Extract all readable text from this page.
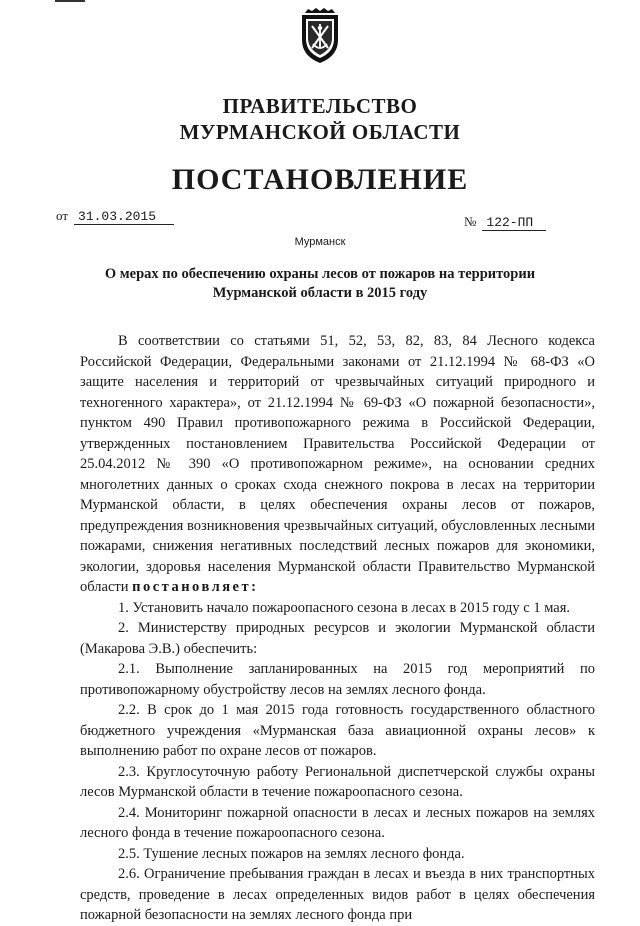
ПРАВИТЕЛЬСТВО
МУРМАНСКОЙ ОБЛАСТИ
ПОСТАНОВЛЕНИЕ
от 31.03.2015	№ 122-ПП
Мурманск
О мерах по обеспечению охраны лесов от пожаров на территории
Мурманской области в 2015 году

В соответствии со статьями 51, 52, 53, 82, 83, 84 Лесного кодекса Российской Федерации, Федеральными законами от 21.12.1994 № 68-ФЗ «О защите населения и территорий от чрезвычайных ситуаций природного и техногенного характера», от 21.12.1994 № 69-ФЗ «О пожарной безопасности», пунктом 490 Правил противопожарного режима в Российской Федерации, утвержденных постановлением Правительства Российской Федерации от 25.04.2012 № 390 «О противопожарном режиме», на основании средних многолетних данных о сроках схода снежного покрова в лесах на территории Мурманской области, в целях обеспечения охраны лесов от пожаров, предупреждения возникновения чрезвычайных ситуаций, обусловленных лесными пожарами, снижения негативных последствий лесных пожаров для экономики, экологии, здоровья населения Мурманской области Правительство Мурманской области постановляет:

1. Установить начало пожароопасного сезона в лесах в 2015 году с 1 мая.

2. Министерству природных ресурсов и экологии Мурманской области (Макарова Э.В.) обеспечить:

2.1. Выполнение запланированных на 2015 год мероприятий по противопожарному обустройству лесов на землях лесного фонда.

2.2. В срок до 1 мая 2015 года готовность государственного областного бюджетного учреждения «Мурманская база авиационной охраны лесов» к выполнению работ по охране лесов от пожаров.

2.3. Круглосуточную работу Региональной диспетчерской службы охраны лесов Мурманской области в течение пожароопасного сезона.

2.4. Мониторинг пожарной опасности в лесах и лесных пожаров на землях лесного фонда в течение пожароопасного сезона.

2.5. Тушение лесных пожаров на землях лесного фонда.

2.6. Ограничение пребывания граждан в лесах и въезда в них транспортных средств, проведение в лесах определенных видов работ в целях обеспечения пожарной безопасности на землях лесного фонда при
